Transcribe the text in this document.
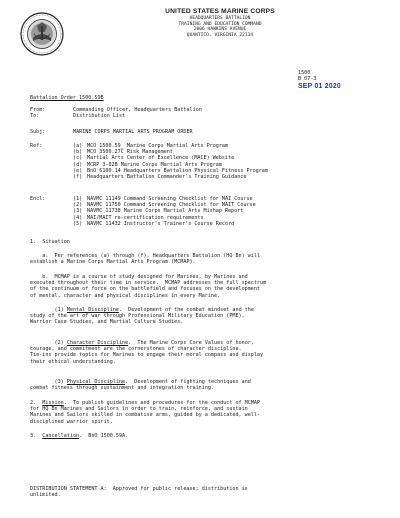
UNITED STATES MARINE CORPS
HEADQUARTERS BATTALION
TRAINING AND EDUCATION COMMAND
2006 HAWKINS AVENUE
QUANTICO, VIRGINIA 22134
1500
B 07-3
SEP 01 2020
Battalion Order 1500.59B
From:	Commanding Officer, Headquarters Battalion
To:	Distribution List
Subj:	MARINE CORPS MARTIAL ARTS PROGRAM ORDER
Ref:	(a) MCO 1500.59_ Marine Corps Martial Arts Program
(b) MCO 3500.27C Risk Management
(c) Martial Arts Center of Excellence (MACE) Website
(d) MCRP 3-02B Marine Corps Martial Arts Program
(e) BnO 6100.14 Headquarters Battalion Physical Fitness Program
(f) Headquarters Battalion Commander's Training Guidance
Encl:	(1) NAVMC 11149 Command Screening Checklist for MAI Course
(2) NAVMC 11750 Command Screening Checklist for MAIT Course
(3) NAVMC 11738 Marine Corps Martial Arts Mishap Report
(4) MAI/MAIT re-certification requirements
(5) NAVMC 11432 Instructor's Trainer's Course Record
1.  Situation
a.  Per references (a) through (f), Headquarters Battalion (HQ Bn) will
establish a Marine Corps Martial Arts Program (MCMAP).
b.  MCMAP is a course of study designed for Marines, by Marines and
executed throughout their time in service.  MCMAP addresses the full spectrum
of the continuum of force on the battlefield and focuses on the development
of mental, character and physical disciplines in every Marine.
(1) Mental Discipline.  Development of the combat mindset and the
study of the art of war through Professional Military Education (PME),
Warrior Case Studies, and Martial Culture Studies.
(2) Character Discipline.  The Marine Corps Core Values of honor,
courage, and commitment are the cornerstones of character discipline.
Tie-ins provide topics for Marines to engage their moral compass and display
their ethical understanding.
(3) Physical Discipline.  Development of fighting techniques and
combat fitness through sustainment and integration training.
2.  Mission.  To publish guidelines and procedures for the conduct of MCMAP
for HQ Bn Marines and Sailors in order to train, reinforce, and sustain
Marines and Sailors skilled in combative arms, guided by a dedicated, well-
disciplined warrior spirit.
3.  Cancellation.  BnO 1500.59A.
DISTRIBUTION STATEMENT A:  Approved for public release; distribution is
unlimited.
